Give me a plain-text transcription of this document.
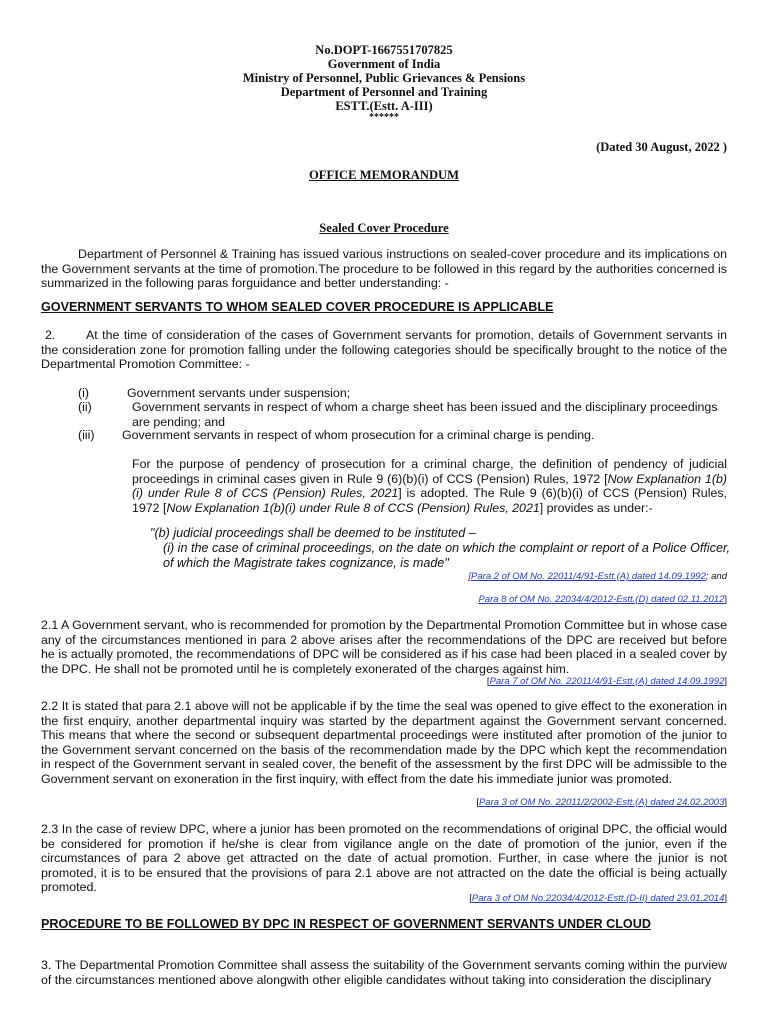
No.DOPT-1667551707825
Government of India
Ministry of Personnel, Public Grievances & Pensions
Department of Personnel and Training
ESTT.(Estt. A-III)
******
(Dated 30 August, 2022 )
OFFICE MEMORANDUM
Sealed Cover Procedure
Department of Personnel & Training has issued various instructions on sealed-cover procedure and its implications on the Government servants at the time of promotion.The procedure to be followed in this regard by the authorities concerned is summarized in the following paras forguidance and better understanding: -
GOVERNMENT SERVANTS TO WHOM SEALED COVER PROCEDURE IS APPLICABLE
2. At the time of consideration of the cases of Government servants for promotion, details of Government servants in the consideration zone for promotion falling under the following categories should be specifically brought to the notice of the Departmental Promotion Committee: -
(i)	Government servants under suspension;
(ii)	Government servants in respect of whom a charge sheet has been issued and the disciplinary proceedings are pending; and
(iii) Government servants in respect of whom prosecution for a criminal charge is pending.
For the purpose of pendency of prosecution for a criminal charge, the definition of pendency of judicial proceedings in criminal cases given in Rule 9 (6)(b)(i) of CCS (Pension) Rules, 1972 [Now Explanation 1(b)(i) under Rule 8 of CCS (Pension) Rules, 2021] is adopted. The Rule 9 (6)(b)(i) of CCS (Pension) Rules, 1972 [Now Explanation 1(b)(i) under Rule 8 of CCS (Pension) Rules, 2021] provides as under:-
"(b) judicial proceedings shall be deemed to be instituted –
(i) in the case of criminal proceedings, on the date on which the complaint or report of a Police Officer, of which the Magistrate takes cognizance, is made"
[Para 2 of OM No. 22011/4/91-Estt.(A) dated 14.09.1992; and
Para 8 of OM No. 22034/4/2012-Estt.(D) dated 02.11.2012]
2.1 A Government servant, who is recommended for promotion by the Departmental Promotion Committee but in whose case any of the circumstances mentioned in para 2 above arises after the recommendations of the DPC are received but before he is actually promoted, the recommendations of DPC will be considered as if his case had been placed in a sealed cover by the DPC. He shall not be promoted until he is completely exonerated of the charges against him.
[Para 7 of OM No. 22011/4/91-Estt.(A) dated 14.09.1992]
2.2 It is stated that para 2.1 above will not be applicable if by the time the seal was opened to give effect to the exoneration in the first enquiry, another departmental inquiry was started by the department against the Government servant concerned. This means that where the second or subsequent departmental proceedings were instituted after promotion of the junior to the Government servant concerned on the basis of the recommendation made by the DPC which kept the recommendation in respect of the Government servant in sealed cover, the benefit of the assessment by the first DPC will be admissible to the Government servant on exoneration in the first inquiry, with effect from the date his immediate junior was promoted.
[Para 3 of OM No. 22011/2/2002-Estt.(A) dated 24.02.2003]
2.3 In the case of review DPC, where a junior has been promoted on the recommendations of original DPC, the official would be considered for promotion if he/she is clear from vigilance angle on the date of promotion of the junior, even if the circumstances of para 2 above get attracted on the date of actual promotion. Further, in case where the junior is not promoted, it is to be ensured that the provisions of para 2.1 above are not attracted on the date the official is being actually promoted.
[Para 3 of OM No.22034/4/2012-Estt.(D-II) dated 23.01.2014]
PROCEDURE TO BE FOLLOWED BY DPC IN RESPECT OF GOVERNMENT SERVANTS UNDER CLOUD
3. The Departmental Promotion Committee shall assess the suitability of the Government servants coming within the purview of the circumstances mentioned above alongwith other eligible candidates without taking into consideration the disciplinary
